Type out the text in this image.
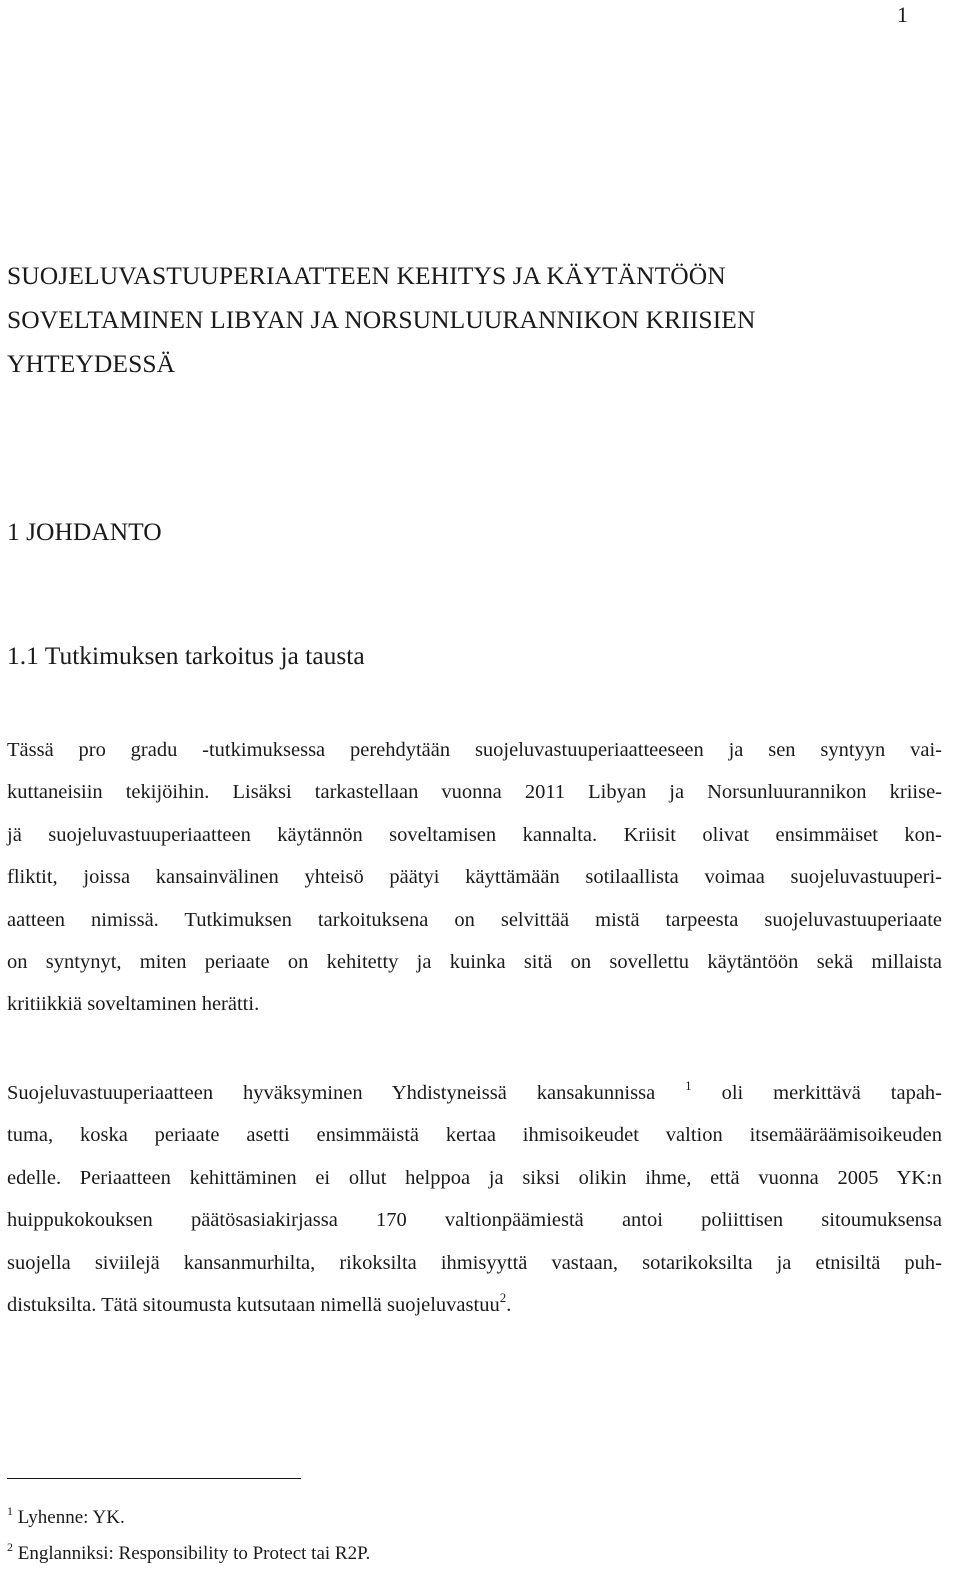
1
SUOJELUVASTUUPERIAATTEEN KEHITYS JA KÄYTÄNTÖÖN
SOVELTAMINEN LIBYAN JA NORSUNLUURANNIKON KRIISIEN
YHTEYDESSÄ
1 JOHDANTO
1.1 Tutkimuksen tarkoitus ja tausta
Tässä pro gradu -tutkimuksessa perehdytään suojeluvastuuperiaatteeseen ja sen syntyyn vai-
kuttaneisiin tekijöihin. Lisäksi tarkastellaan vuonna 2011 Libyan ja Norsunluurannikon kriise-
jä suojeluvastuuperiaatteen käytännön soveltamisen kannalta. Kriisit olivat ensimmäiset kon-
fliktit, joissa kansainvälinen yhteisö päätyi käyttämään sotilaallista voimaa suojeluvastuuperi-
aatteen nimissä. Tutkimuksen tarkoituksena on selvittää mistä tarpeesta suojeluvastuuperiaate
on syntynyt, miten periaate on kehitetty ja kuinka sitä on sovellettu käytäntöön sekä millaista
kritiikkiä soveltaminen herätti.
Suojeluvastuuperiaatteen hyväksyminen Yhdistyneissä kansakunnissa $^1$ oli merkittävä tapah-
tuma, koska periaate asetti ensimmäistä kertaa ihmisoikeudet valtion itsemääräämisoikeuden
edelle. Periaatteen kehittäminen ei ollut helppoa ja siksi olikin ihme, että vuonna 2005 YK:n
huippukokouksen päätösasiakirjassa 170 valtionpäämiestä antoi poliittisen sitoumuksensa
suojella siviilejä kansanmurhilta, rikoksilta ihmisyyttä vastaan, sotarikoksilta ja etnisiltä puh-
distuksilta. Tätä sitoumusta kutsutaan nimellä suojeluvastuu$^2$.
$^1$ Lyhenne: YK.
$^2$ Englanniksi: Responsibility to Protect tai R2P.
